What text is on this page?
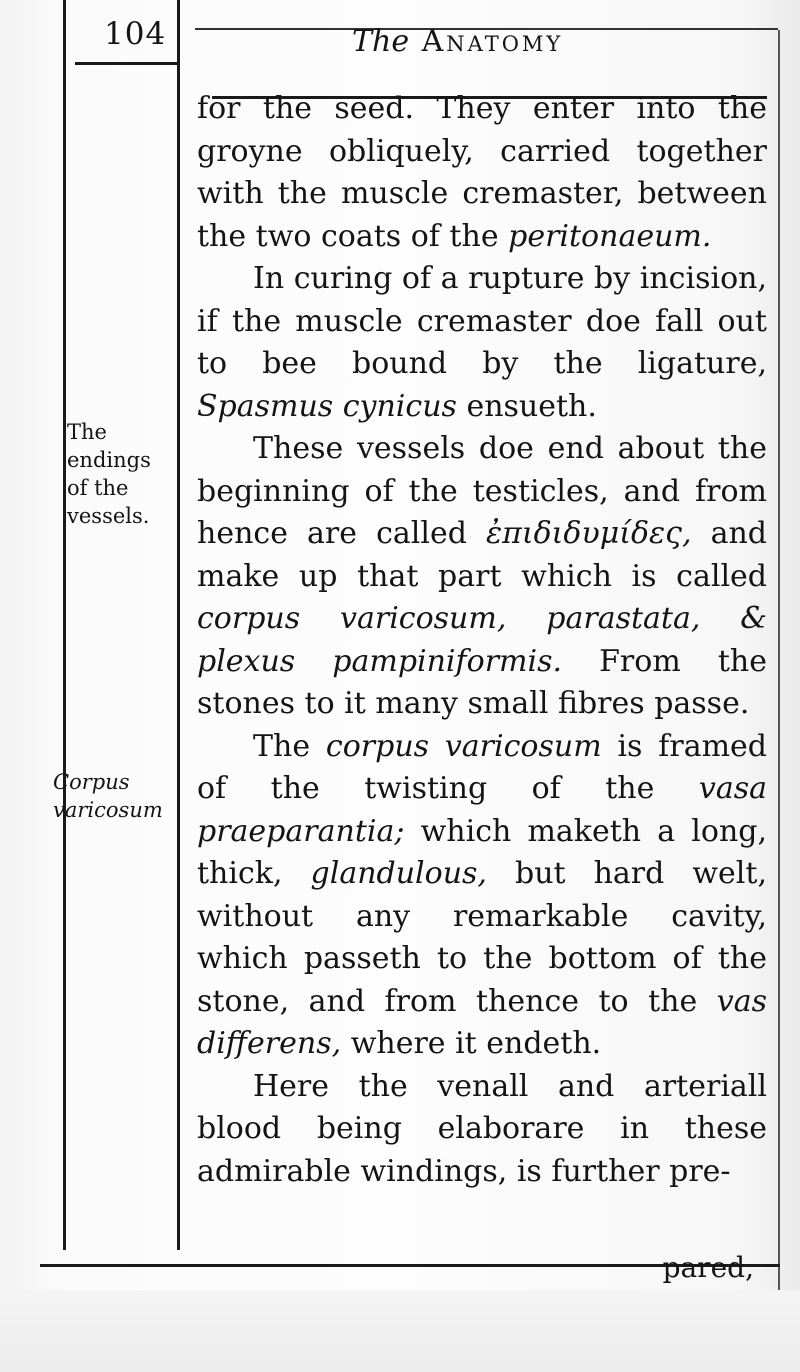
104	The Anatomy
The endings of the vessels.
Corpus varicosum

for the seed. They enter into the groyne obliquely, carried together with the muscle cremaster, between the two coats of the peritonaeum.

In curing of a rupture by incision, if the muscle cremaster doe fall out to bee bound by the ligature, Spasmus cynicus ensueth.

These vessels doe end about the beginning of the testicles, and from hence are called ἐπιδιδυμίδες, and make up that part which is called corpus varicosum, parastata, & plexus pampiniformis. From the stones to it many small fibres passe.

The corpus varicosum is framed of the twisting of the vasa praeparantia; which maketh a long, thick, glandulous, but hard welt, without any remarkable cavity, which passeth to the bottom of the stone, and from thence to the vas differens, where it endeth.

Here the venall and arteriall blood being elaborare in these admirable windings, is further pre-

pared,
